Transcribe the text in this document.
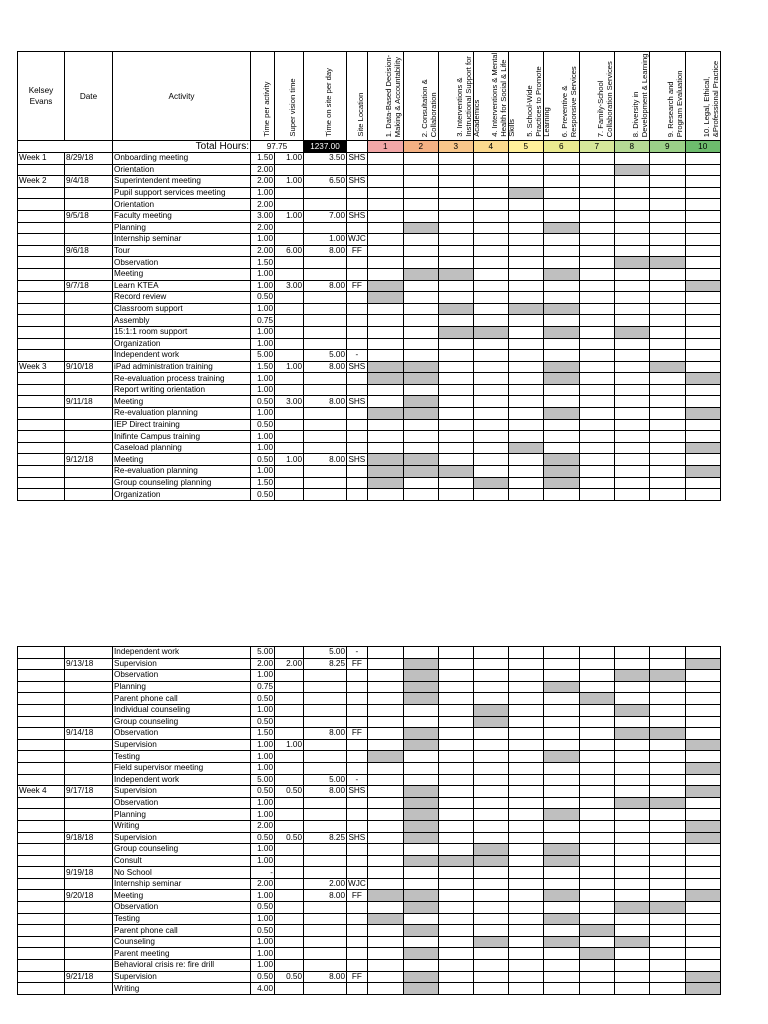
Kelsey Evans	Date	Activity	Time per activity	Super vision time	Time on site per day	Site Location	1. Data-Based Decision-Making & Accountability	2. Consultation & Collaboration	3. Interventions & Instructional Support for Academics	4. Interventions & Mental Health for Social & Life Skills	5. School-Wide Practices to Promote Learning	6. Preventive & Responsive Services	7. Family-School Collaboration Services	8. Diversity in Development & Learning	9. Research and Program Evaluation	10. Legal, Ethical, &Professional Practice

		Total Hours:	97.75		1237.00		1	2	3	4	5	6	7	8	9	10
Week 1	8/29/18	Onboarding meeting	1.50	1.00	3.50	SHS										
		Orientation	2.00													
Week 2	9/4/18	Superintendent meeting	2.00	1.00	6.50	SHS										
		Pupil support services meeting	1.00													
		Orientation	2.00													
	9/5/18	Faculty meeting	3.00	1.00	7.00	SHS										
		Planning	2.00													
		Internship seminar	1.00		1.00	WJC										
	9/6/18	Tour	2.00	6.00	8.00	FF										
		Observation	1.50													
		Meeting	1.00													
	9/7/18	Learn KTEA	1.00	3.00	8.00	FF										
		Record review	0.50													
		Classroom support	1.00													
		Assembly	0.75													
		15:1:1 room support	1.00													
		Organization	1.00													
		Independent work	5.00		5.00	-										
Week 3	9/10/18	iPad administration training	1.50	1.00	8.00	SHS										
		Re-evaluation process training	1.00													
		Report writing orientation	1.00													
	9/11/18	Meeting	0.50	3.00	8.00	SHS										
		Re-evaluation planning	1.00													
		IEP Direct training	0.50													
		Inifinte Campus training	1.00													
		Caseload planning	1.00													
	9/12/18	Meeting	0.50	1.00	8.00	SHS										
		Re-evaluation planning	1.00													
		Group counseling planning	1.50													
		Organization	0.50													
		Independent work	5.00		5.00	-										
	9/13/18	Supervision	2.00	2.00	8.25	FF										
		Observation	1.00													
		Planning	0.75													
		Parent phone call	0.50													
		Individual counseling	1.00													
		Group counseling	0.50													
	9/14/18	Observation	1.50		8.00	FF										
		Supervision	1.00	1.00												
		Testing	1.00													
		Field supervisor meeting	1.00													
		Independent work	5.00		5.00	-										
Week 4	9/17/18	Supervision	0.50	0.50	8.00	SHS										
		Observation	1.00													
		Planning	1.00													
		Writing	2.00													
	9/18/18	Supervision	0.50	0.50	8.25	SHS										
		Group counseling	1.00													
		Consult	1.00													
	9/19/18	No School	-													
		Internship seminar	2.00		2.00	WJC										
	9/20/18	Meeting	1.00		8.00	FF										
		Observation	0.50													
		Testing	1.00													
		Parent phone call	0.50													
		Counseling	1.00													
		Parent meeting	1.00													
		Behavioral crisis re: fire drill	1.00													
	9/21/18	Supervision	0.50	0.50	8.00	FF										
		Writing	4.00													
